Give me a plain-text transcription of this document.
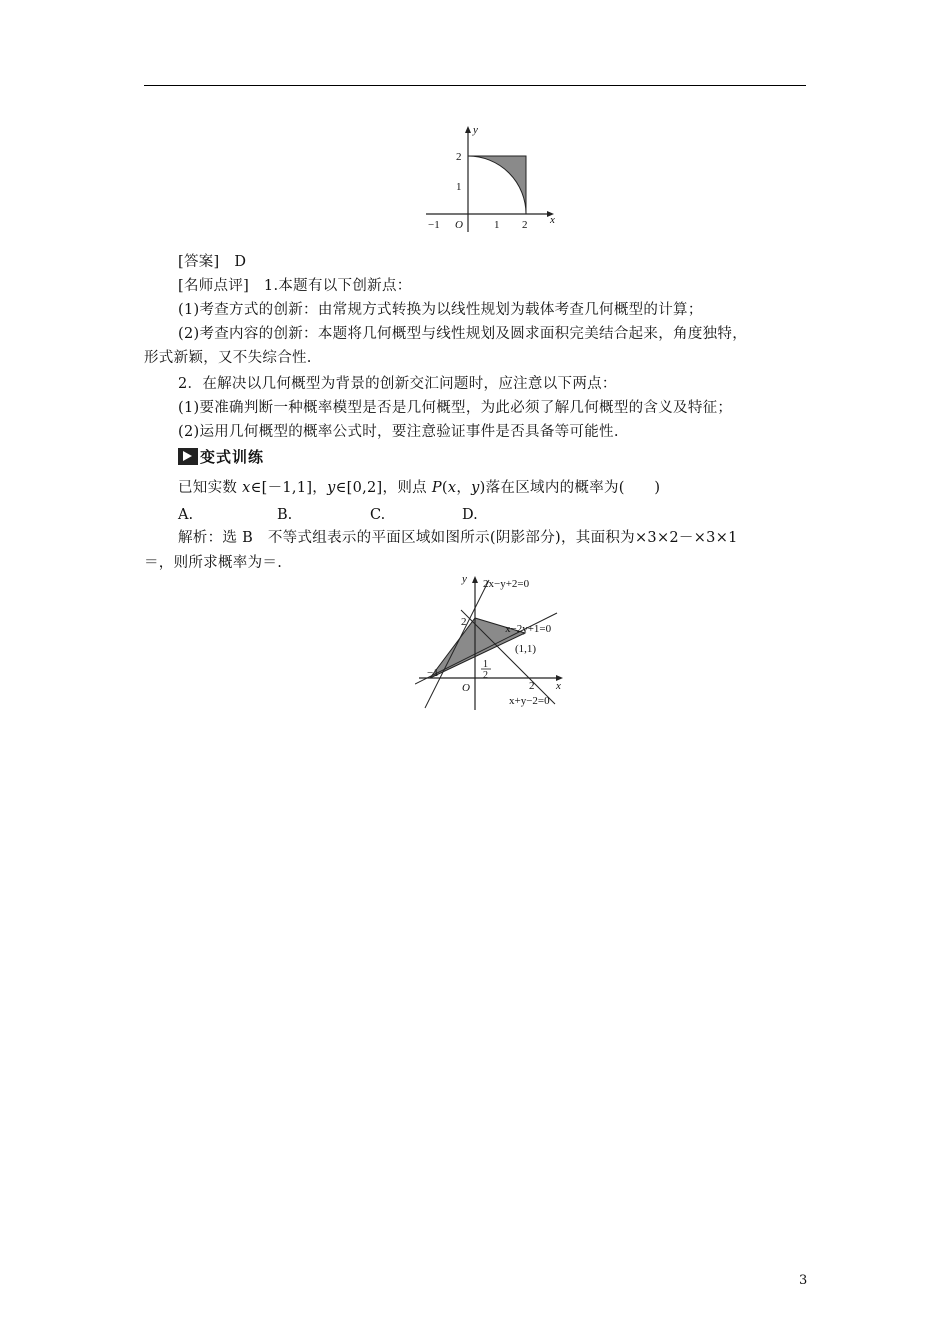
y
x
O
−1	1 2
2
1
[答案]　D
[名师点评]　1.本题有以下创新点：
(1)考查方式的创新：由常规方式转换为以线性规划为载体考查几何概型的计算；
(2)考查内容的创新：本题将几何概型与线性规划及圆求面积完美结合起来，角度独特，
形式新颖，又不失综合性.
2．在解决以几何概型为背景的创新交汇问题时，应注意以下两点：
(1)要准确判断一种概率模型是否是几何概型，为此必须了解几何概型的含义及特征；
(2)运用几何概型的概率公式时，要注意验证事件是否具备等可能性.
变式训练
已知实数 x∈[－1,1]，y∈[0,2]，则点 P(x，y)落在区域内的概率为(　　)
A.	B.	C.	D.
解析：选 B　不等式组表示的平面区域如图所示(阴影部分)，其面积为×3×2－×3×1
＝，则所求概率为＝.
y
x
O
2x−y+2=0
x−2y+1=0
x+y−2=0
(1,1)
2
−1
2
1
2
3
